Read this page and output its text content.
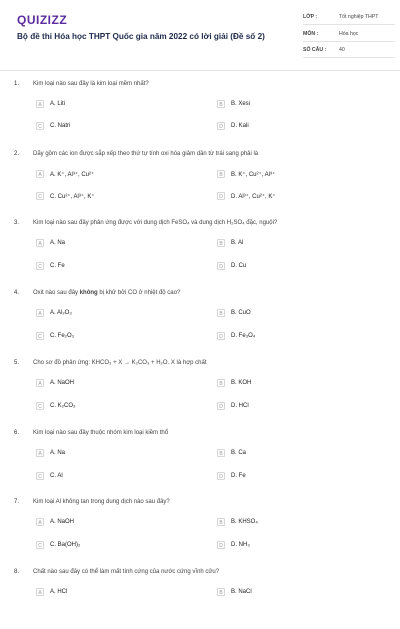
QUIZIZZ
Bộ đề thi Hóa học THPT Quốc gia năm 2022 có lời giải (Đề số 2)
LỚP :	Tốt nghiệp THPT
MÔN :	Hóa học
SỐ CÂU : 40
1. Kim loại nào sau đây là kim loại mềm nhất?
A	A. Liti	B	B. Xesi
C	C. Natri	D	D. Kali
2. Dãy gồm các ion được sắp xếp theo thứ tự tính oxi hóa giảm dần từ trái sang phải là
A	A. K⁺, Al³⁺, Cu²⁺	B	B. K⁺, Cu²⁺, Al³⁺
C	C. Cu²⁺, Al³⁺, K⁺	D	D. Al³⁺, Cu²⁺, K⁺
3. Kim loại nào sau đây phản ứng được với dung dịch FeSO₄ và dung dịch H₂SO₄ đặc, nguội?
A	A. Na	B	B. Al
C	C. Fe	D	D. Cu
4. Oxit nào sau đây không bị khử bởi CO ở nhiệt độ cao?
A	A. Al₂O₃	B	B. CuO
C	C. Fe₂O₃	D	D. Fe₃O₄
5. Cho sơ đồ phản ứng: KHCO₃ + X → K₂CO₃ + H₂O. X là hợp chất
A	A. NaOH	B	B. KOH
C	C. K₂CO₃	D	D. HCl
6. Kim loại nào sau đây thuộc nhóm kim loại kiềm thổ
A	A. Na	B	B. Ca
C	C. Al	D	D. Fe
7. Kim loại Al không tan trong dung dịch nào sau đây?
A	A. NaOH	B	B. KHSO₄
C	C. Ba(OH)₂	D	D. NH₃
8. Chất nào sau đây có thể làm mất tính cứng của nước cứng vĩnh cửu?
A	A. HCl	B	B. NaCl
